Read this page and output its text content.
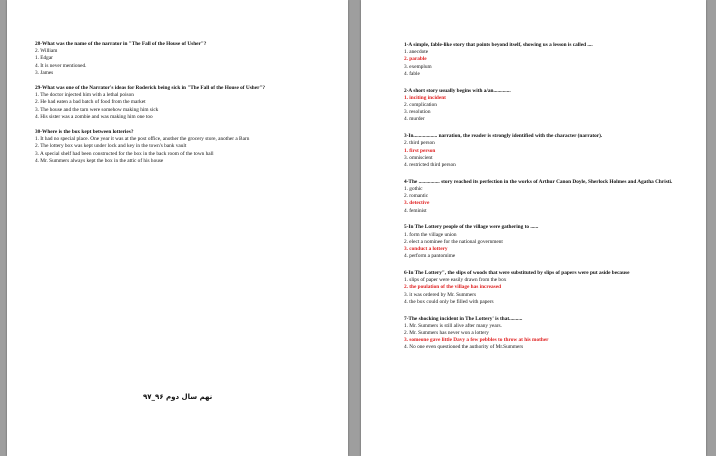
28-What was the name of the narrator in "The Fall of the House of Usher"?
2. William
1. Edgar
4. It is never mentioned.
3. James
29-What was one of the Narrator's ideas for Roderick being sick in "The Fall of the House of Usher"?
1. The doctor injected him with a lethal poison
2. He had eaten a bad batch of food from the market
3. The house and the tarn were somehow making him sick
4. His sister was a zombie and was making him one too
30-Where is the box kept between lotteries?
1. It had no special place. One year it was at the post office, another the grocery store, another a Barn
2. The lottery box was kept under lock and key in the town's bank vault
3. A special shelf had been constructed for the box in the back room of the town hall
4. Mr. Summers always kept the box in the attic of his house
نهم سال دوم ۹۶_۹۷
1-A simple, fable-like story that points beyond itself, showing us a lesson is called ....
1. anecdote
2. parable
3. exemplum
4. fable
2-A short story usually begins with a/an.............
1. inciting incident
2. complication
3. resolution
4. murder
3-In.................. narration, the reader is strongly identified with the character (narrator).
2. third person
1. first person
3. omniscient
4. restricted third person
4-The ................ story reached its perfection in the works of Arthur Canon Doyle, Sherlock Holmes and Agatha Christi.
1. gothic
2. romantic
3. detective
4. feminist
5-In The Lottery people of the village were gathering to ......
1. form the village union
2. elect a nominee for the national government
3. conduct a lottery
4. perform a pantomime
6-In The Lottery", the slips of woods that were substituted by slips of papers were put aside because
1. slips of paper were easily drawn from the box
2. the poulation of the village has increased
3. it was ordered by Mr. Summers
4. the box could only be filled with papers
7-The shocking incident in The Lottery' is that..........
1. Mr. Summers is still alive after many years.
2. Mr. Summers has never won a lottery
3. someone gave little Davy a few pebbles to throw at his mother
4. No one even questioned the authority of Mr.Summers
